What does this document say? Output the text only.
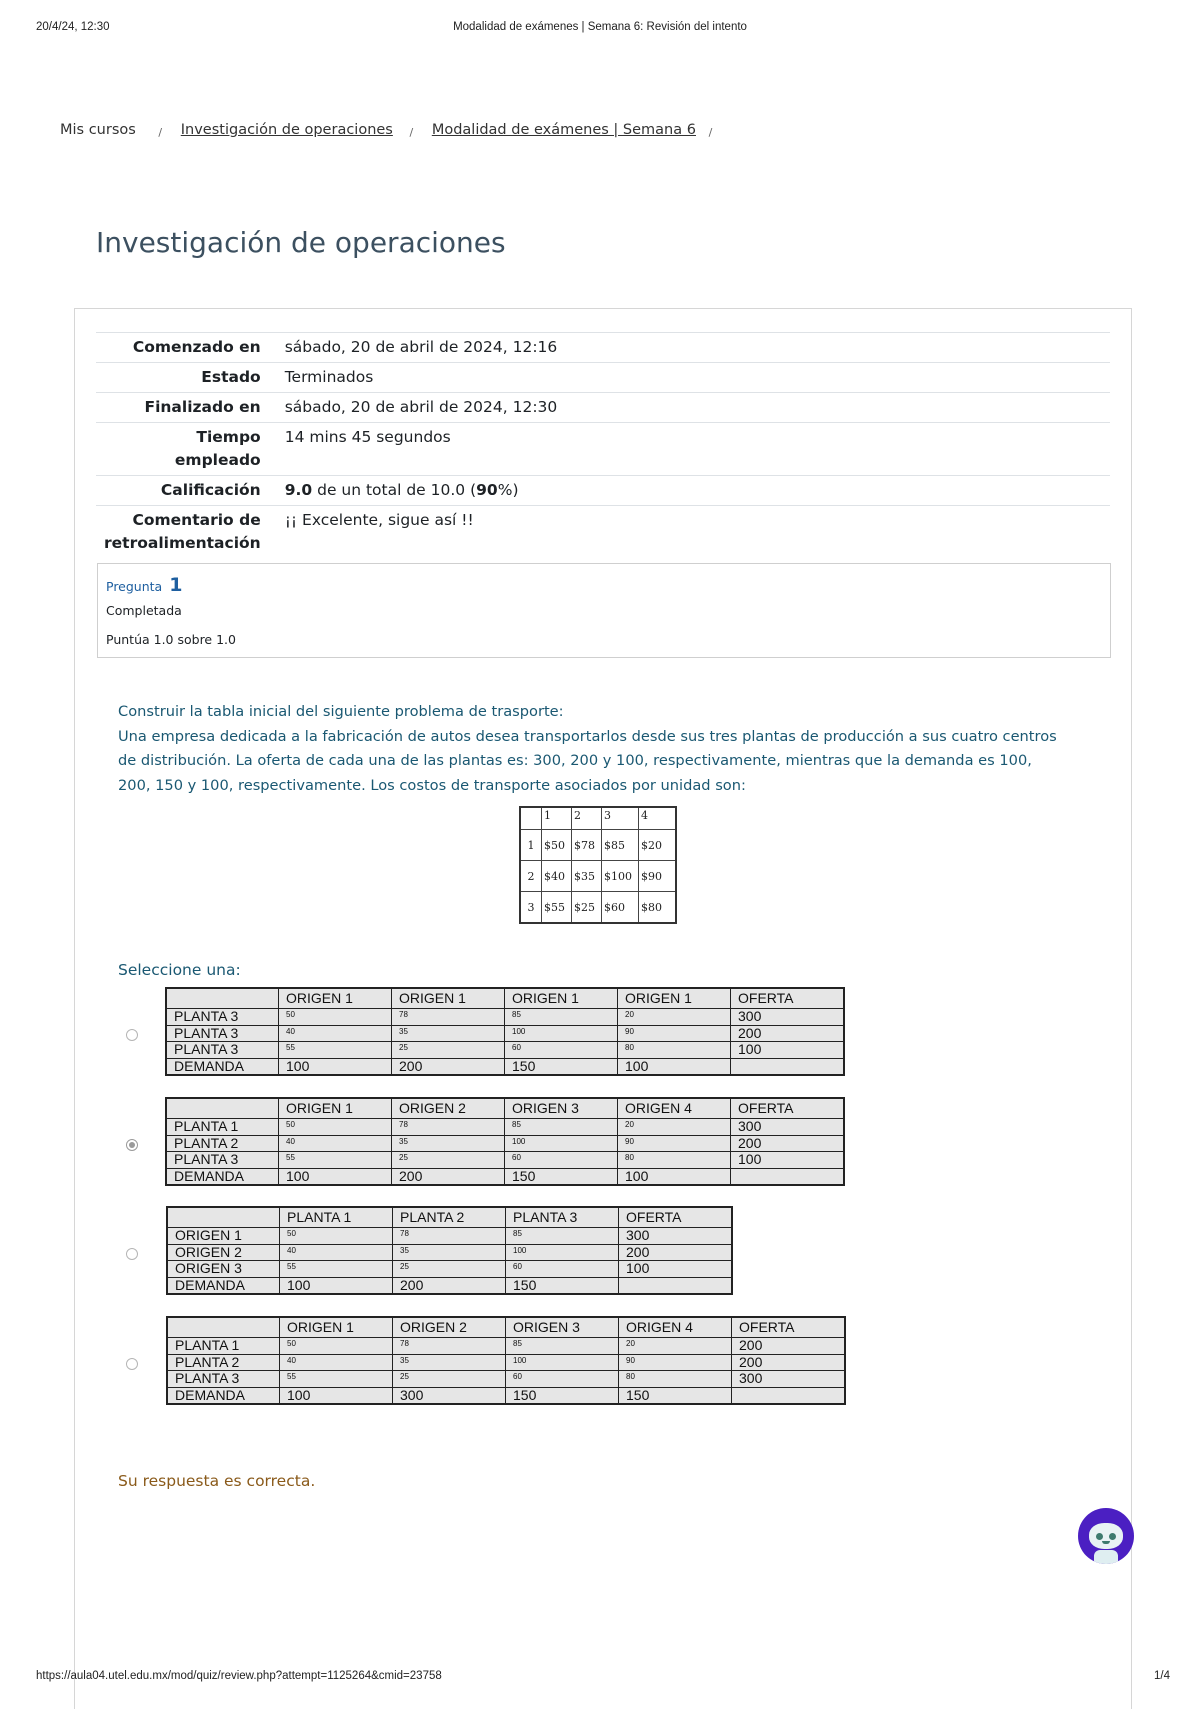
20/4/24, 12:30	Modalidad de exámenes | Semana 6: Revisión del intento
Mis cursos / Investigación de operaciones / Modalidad de exámenes | Semana 6 /
Investigación de operaciones
Comenzado en	sábado, 20 de abril de 2024, 12:16
Estado	Terminados
Finalizado en	sábado, 20 de abril de 2024, 12:30
Tiempo
empleado	14 mins 45 segundos
Calificación	9.0 de un total de 10.0 (90%)
Comentario de
retroalimentación	¡¡ Excelente, sigue así !!
Pregunta 1
Completada
Puntúa 1.0 sobre 1.0

Construir la tabla inicial del siguiente problema de trasporte:

Una empresa dedicada a la fabricación de autos desea transportarlos desde sus tres plantas de producción a sus cuatro centros de distribución. La oferta de cada una de las plantas es: 300, 200 y 100, respectivamente, mientras que la demanda es 100, 200, 150 y 100, respectivamente. Los costos de transporte asociados por unidad son:

	1	2	3	4
1	$50	$78	$85	$20
2	$40	$35	$100	$90
3	$55	$25	$60	$80
Seleccione una:
	ORIGEN 1	ORIGEN 1	ORIGEN 1	ORIGEN 1	OFERTA
PLANTA 3	50	78	85	20	300
PLANTA 3	40	35	100	90	200
PLANTA 3	55	25	60	80	100
DEMANDA	100	200	150	100	
	ORIGEN 1	ORIGEN 2	ORIGEN 3	ORIGEN 4	OFERTA
PLANTA 1	50	78	85	20	300
PLANTA 2	40	35	100	90	200
PLANTA 3	55	25	60	80	100
DEMANDA	100	200	150	100	
	PLANTA 1	PLANTA 2	PLANTA 3	OFERTA
ORIGEN 1	50	78	85	300
ORIGEN 2	40	35	100	200
ORIGEN 3	55	25	60	100
DEMANDA	100	200	150	
	ORIGEN 1	ORIGEN 2	ORIGEN 3	ORIGEN 4	OFERTA
PLANTA 1	50	78	85	20	200
PLANTA 2	40	35	100	90	200
PLANTA 3	55	25	60	80	300
DEMANDA	100	300	150	150	
Su respuesta es correcta.
https://aula04.utel.edu.mx/mod/quiz/review.php?attempt=1125264&cmid=23758	1/4
